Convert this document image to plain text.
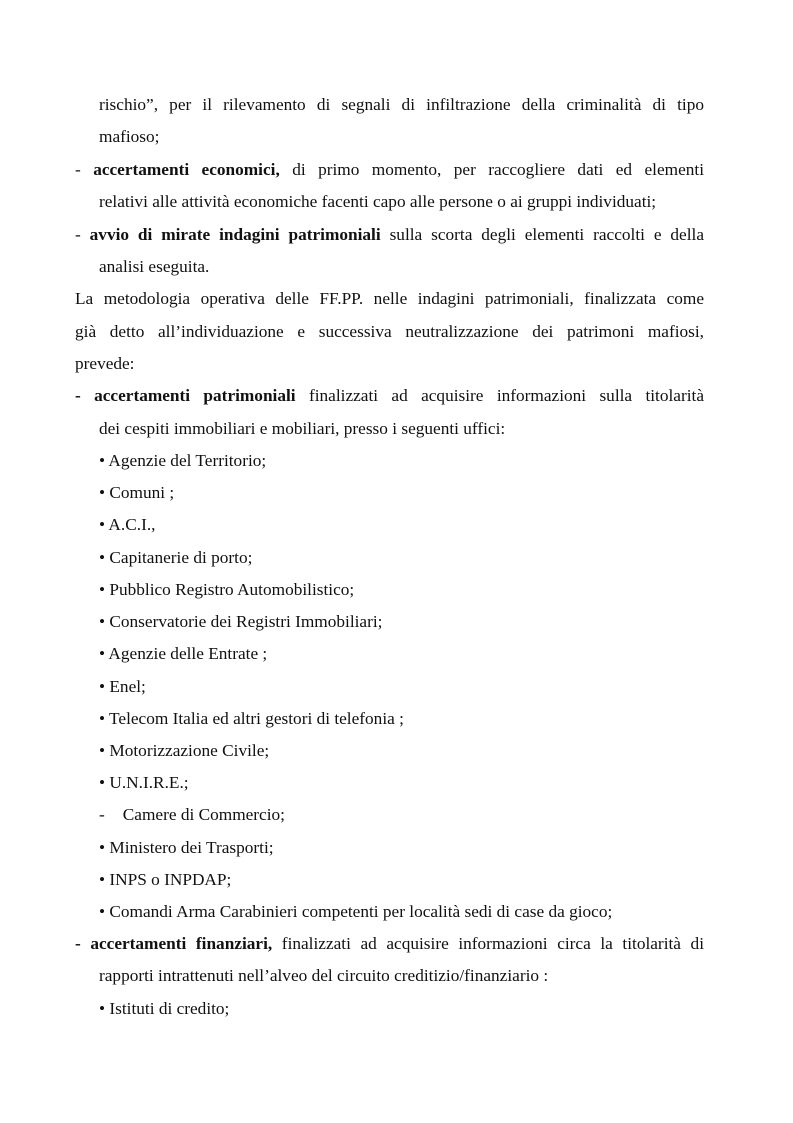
rischio”, per il rilevamento di segnali di infiltrazione della criminalità di tipo
mafioso;
- accertamenti economici, di primo momento, per raccogliere dati ed elementi
relativi alle attività economiche facenti capo alle persone o ai gruppi individuati;
- avvio di mirate indagini patrimoniali sulla scorta degli elementi raccolti e della
analisi eseguita.
La metodologia operativa delle FF.PP. nelle indagini patrimoniali, finalizzata come
già detto all’individuazione e successiva neutralizzazione dei patrimoni mafiosi,
prevede:
- accertamenti patrimoniali finalizzati ad acquisire informazioni sulla titolarità
dei cespiti immobiliari e mobiliari, presso i seguenti uffici:
• Agenzie del Territorio;
• Comuni ;
• A.C.I.,
• Capitanerie di porto;
• Pubblico Registro Automobilistico;
• Conservatorie dei Registri Immobiliari;
• Agenzie delle Entrate ;
• Enel;
• Telecom Italia ed altri gestori di telefonia ;
• Motorizzazione Civile;
• U.N.I.R.E.;
- Camere di Commercio;
• Ministero dei Trasporti;
• INPS o INPDAP;
• Comandi Arma Carabinieri competenti per località sedi di case da gioco;
- accertamenti finanziari, finalizzati ad acquisire informazioni circa la titolarità di
rapporti intrattenuti nell’alveo del circuito creditizio/finanziario :
• Istituti di credito;
